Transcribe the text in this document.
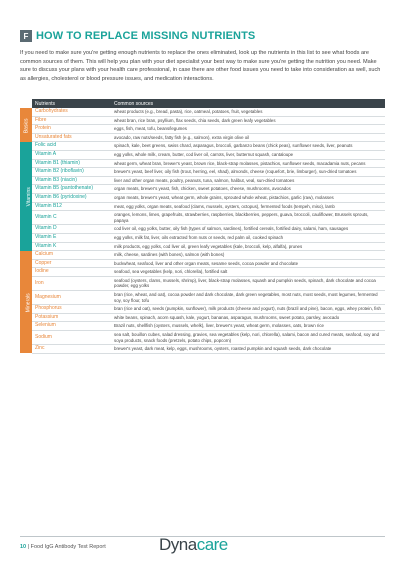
F HOW TO REPLACE MISSING NUTRIENTS

If you need to make sure you're getting enough nutrients to replace the ones eliminated, look up the nutrients in this list to see what foods are common sources of them. This will help you plan with your diet specialist your best way to make sure you're getting the nutrition you need. Make sure to discuss your plans with your health care professional, in case there are other food issues you need to take into consideration as well, such as allergies, cholesterol or blood pressure issues, and medication interactions.

	Nutrients	Common sources
Basics	Carbohydrates	wheat products (e.g., bread, pasta), rice, oatmeal, potatoes, fruit, vegetables
	Fibre	wheat bran, rice bran, psyllium, flax seeds, chia seeds, dark green leafy vegetables
	Protein	eggs, fish, meat, tofu, beans/legumes
	Unsaturated fats	avocado, raw nuts/seeds, fatty fish (e.g., salmon), extra virgin olive oil
Vitamins	Folic acid	spinach, kale, beet greens, swiss chard, asparagus, broccoli, garbanzo beans (chick peas), sunflower seeds, liver, peanuts
	Vitamin A	egg yolks, whole milk, cream, butter, cod liver oil, carrots, liver, butternut squash, cantaloupe
	Vitamin B1 (thiamin)	wheat germ, wheat bran, brewer's yeast, brown rice, black-strap molasses, pistachios, sunflower seeds, macadamia nuts, pecans
	Vitamin B2 (riboflavin)	brewer's yeast, beef liver, oily fish (trout, herring, eel, shad), almonds, cheese (roquefort, brie, limburger), sun-dried tomatoes
	Vitamin B3 (niacin)	liver and other organ meats, poultry, peanuts, tuna, salmon, halibut, veal, sun-dried tomatoes
	Vitamin B5 (pantothenate)	organ meats, brewer's yeast, fish, chicken, sweet potatoes, cheese, mushrooms, avocados
	Vitamin B6 (pyridoxine)	organ meats, brewer's yeast, wheat germ, whole grains, sprouted whole wheat, pistachios, garlic (raw), molasses
	Vitamin B12	meat, egg yolks, organ meats, seafood (clams, mussels, oysters, octopus), fermented foods (tempeh, miso), lamb
	Vitamin C	oranges, lemons, limes, grapefruits, strawberries, raspberries, blackberries, peppers, guava, broccoli, cauliflower, Brussels sprouts, papaya
	Vitamin D	cod liver oil, egg yolks, butter, oily fish (types of salmon, sardines), fortified cereals, fortified dairy, salami, ham, sausages
	Vitamin E	egg yolks, milk fat, liver, oils extracted from nuts or seeds, red palm oil, cooked spinach
	Vitamin K	milk products, egg yolks, cod liver oil, green leafy vegetables (kale, broccoli, kelp, alfalfa), prunes
Minerals	Calcium	milk, cheese, sardines (with bones), salmon (with bones)
	Copper	buckwheat, seafood, liver and other organ meats, sesame seeds, cocoa powder and chocolate
	Iodine	seafood, sea vegetables (kelp, nori, chlorella), fortified salt
	Iron	seafood (oysters, clams, mussels, shrimp), liver, black-strap molasses, squash and pumpkin seeds, spinach, dark chocolate and cocoa powder, egg yolks
	Magnesium	bran (rice, wheat, and oat), cocoa powder and dark chocolate, dark green vegetables, most nuts, most seeds, most legumes, fermented soy, soy flour, tofu
	Phosphorus	bran (rice and oat), seeds (pumpkin, sunflower), milk products (cheese and yogurt), nuts (brazil and pine), bacon, eggs, whey protein, fish
	Potassium	white beans, spinach, acorn squash, kale, yogurt, bananas, asparagus, mushrooms, sweet potato, parsley, avocado
	Selenium	Brazil nuts, shellfish (oysters, mussels, whelk), liver, brewer's yeast, wheat germ, molasses, oats, brown rice
	Sodium	sea salt, bouillon cubes, salad dressing, gravies, sea vegetables (kelp, nori, chlorella), salami, bacon and cured meats, seafood, soy and soya products, snack foods (pretzels, potato chips, popcorn)
	Zinc	brewer's yeast, dark meat, kelp, eggs, mushrooms, oysters, roasted pumpkin and squash seeds, dark chocolate
10 | Food IgG Antibody Test Report	Dynacare
